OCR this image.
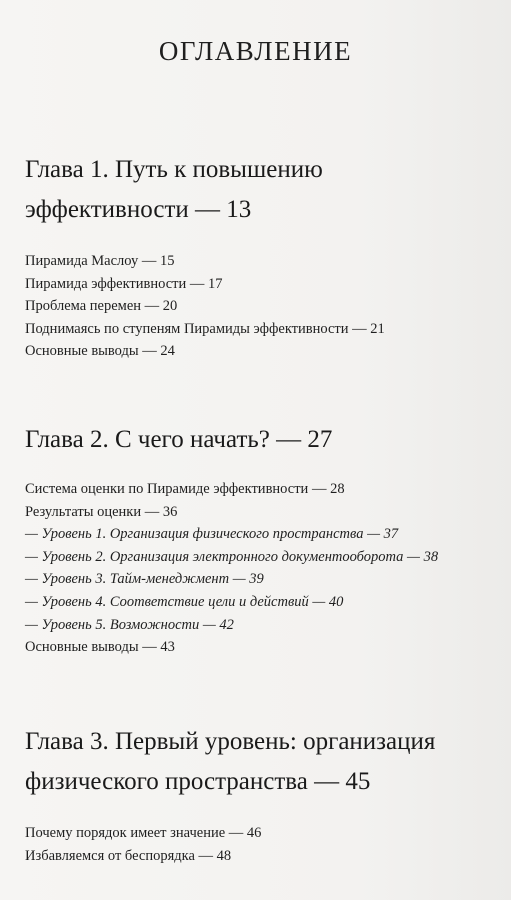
ОГЛАВЛЕНИЕ
Глава 1. Путь к повышению
эффективности — 13
Пирамида Маслоу — 15
Пирамида эффективности — 17
Проблема перемен — 20
Поднимаясь по ступеням Пирамиды эффективности — 21
Основные выводы — 24
Глава 2. С чего начать? — 27
Система оценки по Пирамиде эффективности — 28
Результаты оценки — 36
— Уровень 1. Организация физического пространства — 37
— Уровень 2. Организация электронного документооборота — 38
— Уровень 3. Тайм-менеджмент — 39
— Уровень 4. Соответствие цели и действий — 40
— Уровень 5. Возможности — 42
Основные выводы — 43
Глава 3. Первый уровень: организация
физического пространства — 45
Почему порядок имеет значение — 46
Избавляемся от беспорядка — 48
